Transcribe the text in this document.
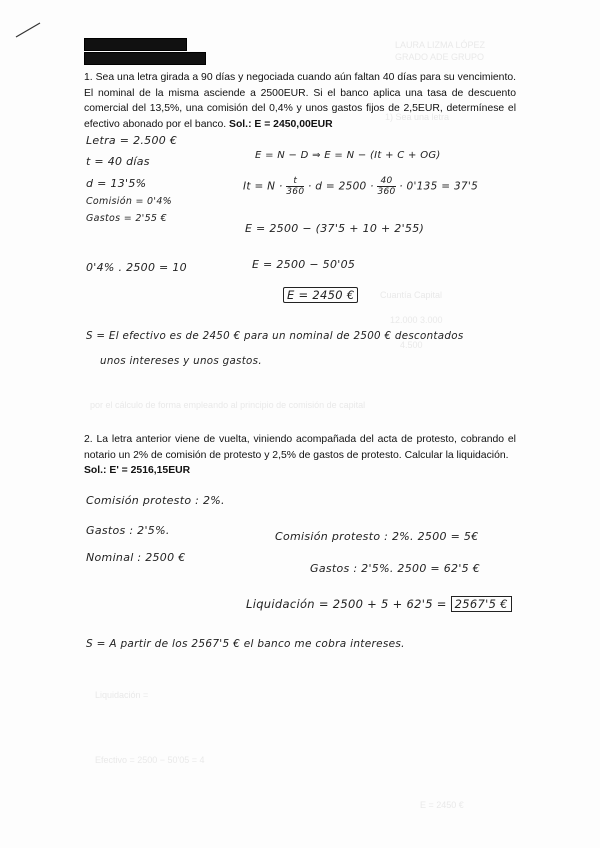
LAURA LIZMA LÓPEZ
GRADO ADE GRUPO
1) Sea una letra
Cuantía Capital
12.000 3.000
4.500
por el cálculo de forma empleando al principio de comisión de capital
Liquidación =
Efectivo = 2500 − 50'05 = 4
E = 2450 €
1. Sea una letra girada a 90 días y negociada cuando aún faltan 40 días para su vencimiento. El nominal de la misma asciende a 2500EUR. Si el banco aplica una tasa de descuento comercial del 13,5%, una comisión del 0,4% y unos gastos fijos de 2,5EUR, determínese el efectivo abonado por el banco. Sol.: E = 2450,00EUR
Letra = 2.500 €
t = 40 días
d = 13'5%
Comisión = 0'4%
Gastos = 2'55 €
E = N − D ⇒ E = N − (It + C + OG)
$It = N \cdot \frac{t}{360} \cdot d = 2500 \cdot \frac{40}{360} \cdot 0'135 = 37'5$
E = 2500 − (37'5 + 10 + 2'55)
0'4% . 2500 = 10	E = 2500 − 50'05
E = 2450 €
S = El efectivo es de 2450 € para un nominal de 2500 € descontados
unos intereses y unos gastos.
2. La letra anterior viene de vuelta, viniendo acompañada del acta de protesto, cobrando el notario un 2% de comisión de protesto y 2,5% de gastos de protesto. Calcular la liquidación.
Sol.: E' = 2516,15EUR
Comisión protesto : 2%.
Gastos : 2'5%.
Nominal : 2500 €
Comisión protesto : 2%. 2500 = 5€
Gastos : 2'5%. 2500 = 62'5 €
Liquidación = 2500 + 5 + 62'5 = 2567'5 €
S = A partir de los 2567'5 € el banco me cobra intereses.
